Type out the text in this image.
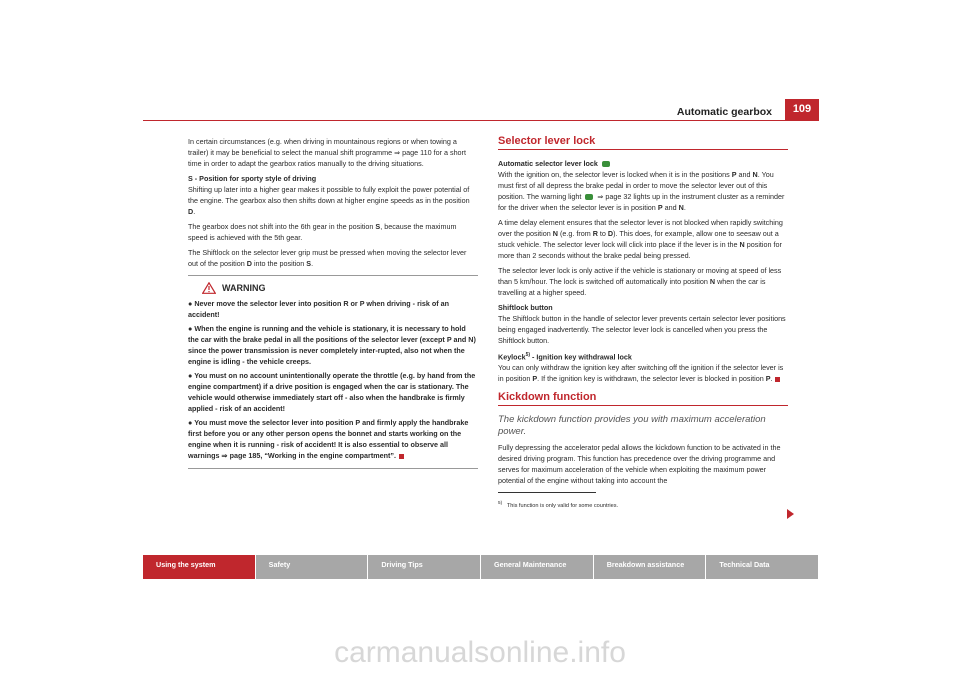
Automatic gearbox	109

In certain circumstances (e.g. when driving in mountainous regions or when towing a trailer) it may be beneficial to select the manual shift programme ⇒ page 110 for a short time in order to adapt the gearbox ratios manually to the driving situations.

S - Position for sporty style of driving

Shifting up later into a higher gear makes it possible to fully exploit the power potential of the engine. The gearbox also then shifts down at higher engine speeds as in the position D.

The gearbox does not shift into the 6th gear in the position S, because the maximum speed is achieved with the 5th gear.

The Shiftlock on the selector lever grip must be pressed when moving the selector lever out of the position D into the position S.

WARNING

● Never move the selector lever into position R or P when driving - risk of an accident!

● When the engine is running and the vehicle is stationary, it is necessary to hold the car with the brake pedal in all the positions of the selector lever (except P and N) since the power transmission is never completely inter-rupted, also not when the engine is idling - the vehicle creeps.

● You must on no account unintentionally operate the throttle (e.g. by hand from the engine compartment) if a drive position is engaged when the car is stationary. The vehicle would otherwise immediately start off - also when the handbrake is firmly applied - risk of an accident!

● You must move the selector lever into position P and firmly apply the handbrake first before you or any other person opens the bonnet and starts working on the engine when it is running - risk of accident! It is also essential to observe all warnings ⇒ page 185, “Working in the engine compartment”.

Selector lever lock

Automatic selector lever lock

With the ignition on, the selector lever is locked when it is in the positions P and N. You must first of all depress the brake pedal in order to move the selector lever out of this position. The warning light  ⇒ page 32 lights up in the instrument cluster as a reminder for the driver when the selector lever is in position P and N.

A time delay element ensures that the selector lever is not blocked when rapidly switching over the position N (e.g. from R to D). This does, for example, allow one to seesaw out a stuck vehicle. The selector lever lock will click into place if the lever is in the N position for more than 2 seconds without the brake pedal being pressed.

The selector lever lock is only active if the vehicle is stationary or moving at speed of less than 5 km/hour. The lock is switched off automatically into position N when the car is travelling at a higher speed.

Shiftlock button

The Shiftlock button in the handle of selector lever prevents certain selector lever positions being engaged inadvertently. The selector lever lock is cancelled when you press the Shiftlock button.

Keylock$^{5)}$ - Ignition key withdrawal lock

You can only withdraw the ignition key after switching off the ignition if the selector lever is in position P. If the ignition key is withdrawn, the selector lever is blocked in position P.

Kickdown function

The kickdown function provides you with maximum acceleration power.

Fully depressing the accelerator pedal allows the kickdown function to be activated in the desired driving program. This function has precedence over the driving programme and serves for maximum acceleration of the vehicle when exploiting the maximum power potential of the engine without taking into account the

$^{5)}$   This function is only valid for some countries.
Using the system	Safety	Driving Tips	General Maintenance	Breakdown assistance	Technical Data
carmanualsonline.info
